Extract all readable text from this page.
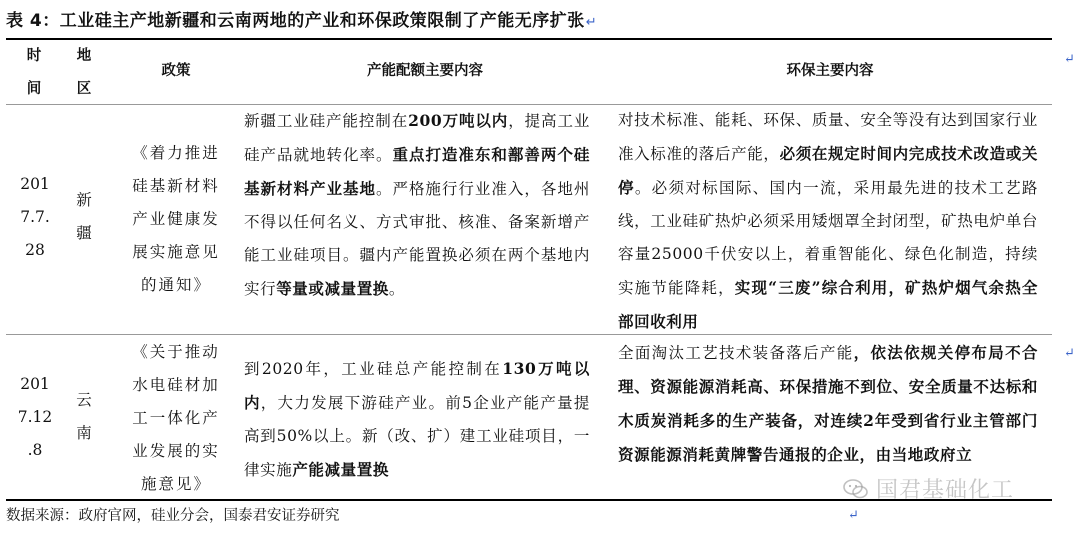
表 4：工业硅主产地新疆和云南两地的产业和环保政策限制了产能无序扩张↵
时
间
地
区
政策	产能配额主要内容	环保主要内容
201
7.7.
28
新
疆
《着力推进
硅基新材料
产业健康发
展实施意见
的通知》
新疆工业硅产能控制在200万吨以内，提高工业硅产品就地转化率。重点打造准东和鄯善两个硅基新材料产业基地。严格施行行业准入，各地州不得以任何名义、方式审批、核准、备案新增产能工业硅项目。疆内产能置换必须在两个基地内实行等量或减量置换。
对技术标准、能耗、环保、质量、安全等没有达到国家行业准入标准的落后产能，必须在规定时间内完成技术改造或关停。必须对标国际、国内一流，采用最先进的技术工艺路线，工业硅矿热炉必须采用矮烟罩全封闭型，矿热电炉单台容量25000千伏安以上，着重智能化、绿色化制造，持续实施节能降耗，实现“三废”综合利用，矿热炉烟气余热全部回收利用
201
7.12
.8
云
南
《关于推动
水电硅材加
工一体化产
业发展的实
施意见》
到2020年，工业硅总产能控制在130万吨以内，大力发展下游硅产业。前5企业产能产量提高到50%以上。新（改、扩）建工业硅项目，一律实施产能减量置换
全面淘汰工艺技术装备落后产能，依法依规关停布局不合理、资源能源消耗高、环保措施不到位、安全质量不达标和木质炭消耗多的生产装备，对连续2年受到省行业主管部门资源能源消耗黄牌警告通报的企业，由当地政府立
↵
↵
↵
数据来源：政府官网，硅业分会，国泰君安证券研究
国君基础化工
